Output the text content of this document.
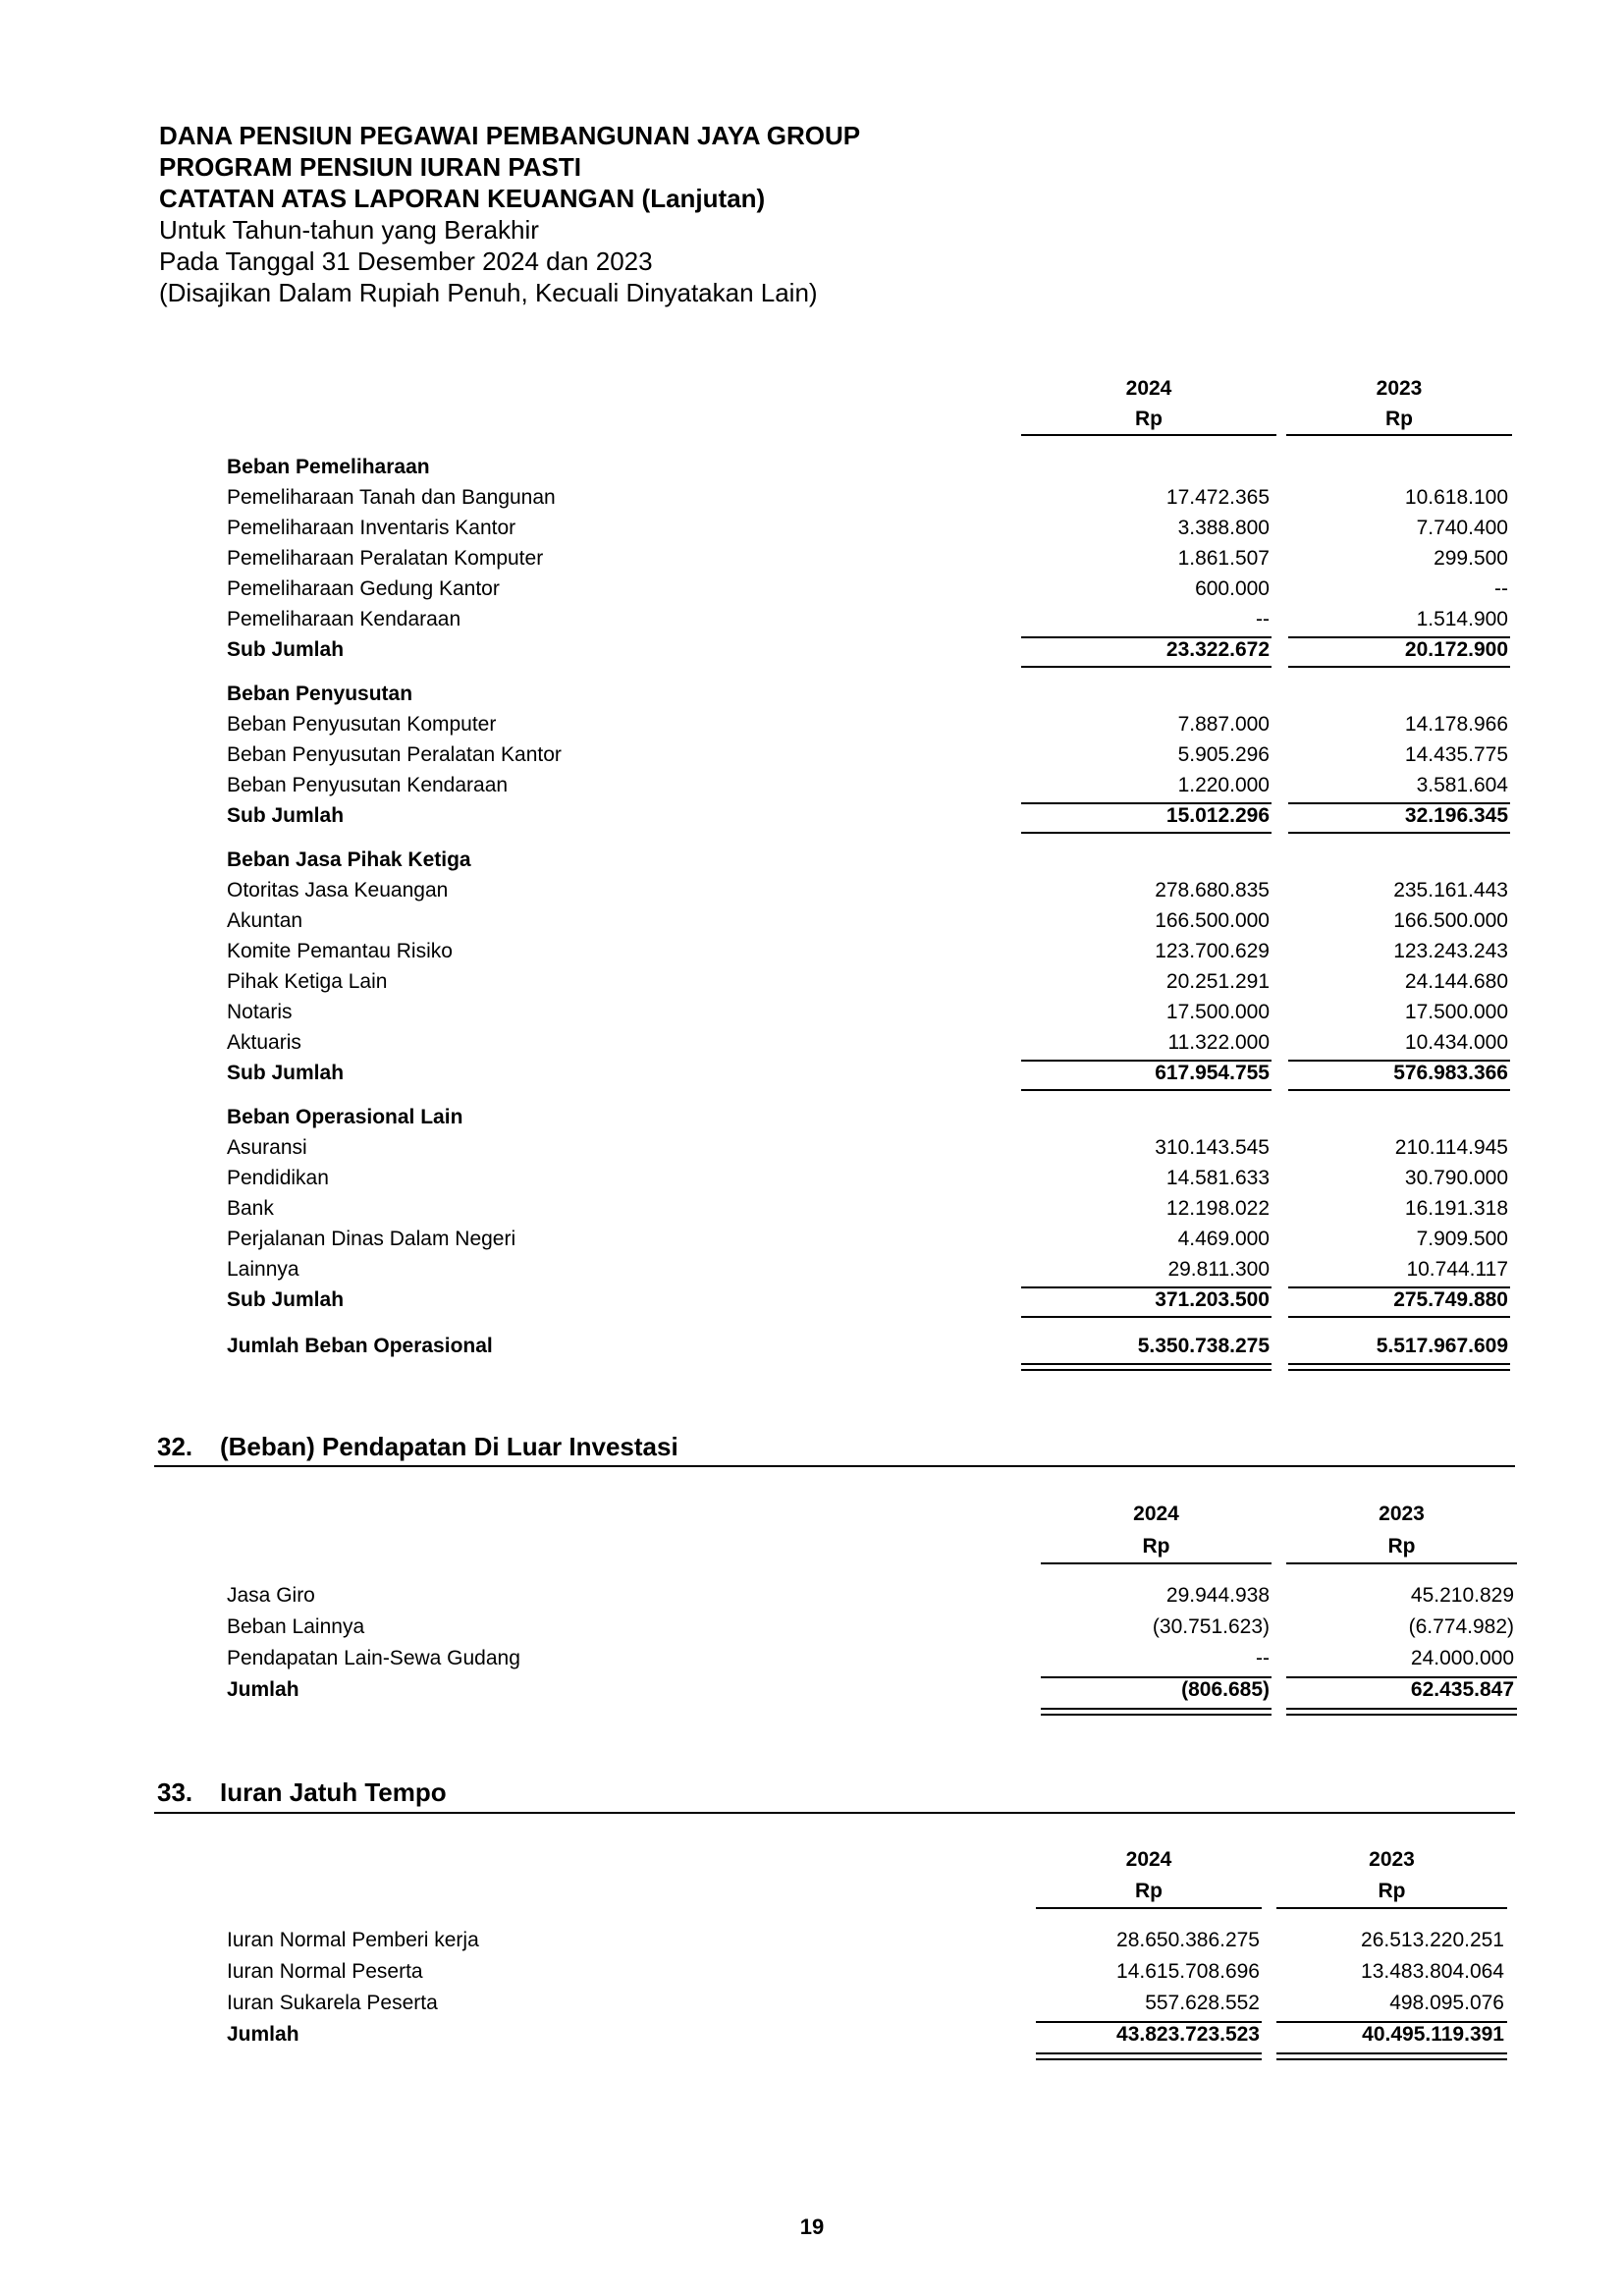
DANA PENSIUN PEGAWAI PEMBANGUNAN JAYA GROUP
PROGRAM PENSIUN IURAN PASTI
CATATAN ATAS LAPORAN KEUANGAN (Lanjutan)
Untuk Tahun-tahun yang Berakhir
Pada Tanggal 31 Desember 2024 dan 2023
(Disajikan Dalam Rupiah Penuh, Kecuali Dinyatakan Lain)
2024	2023
Rp	Rp
Beban Pemeliharaan
Pemeliharaan Tanah dan Bangunan	17.472.365	10.618.100
Pemeliharaan Inventaris Kantor	3.388.800	7.740.400
Pemeliharaan Peralatan Komputer	1.861.507	299.500
Pemeliharaan Gedung Kantor	600.000	--
Pemeliharaan Kendaraan	--	1.514.900
Sub Jumlah	23.322.672	20.172.900
Beban Penyusutan
Beban Penyusutan Komputer	7.887.000	14.178.966
Beban Penyusutan Peralatan Kantor	5.905.296	14.435.775
Beban Penyusutan Kendaraan	1.220.000	3.581.604
Sub Jumlah	15.012.296	32.196.345
Beban Jasa Pihak Ketiga
Otoritas Jasa Keuangan	278.680.835	235.161.443
Akuntan	166.500.000	166.500.000
Komite Pemantau Risiko	123.700.629	123.243.243
Pihak Ketiga Lain	20.251.291	24.144.680
Notaris	17.500.000	17.500.000
Aktuaris	11.322.000	10.434.000
Sub Jumlah	617.954.755	576.983.366
Beban Operasional Lain
Asuransi	310.143.545	210.114.945
Pendidikan	14.581.633	30.790.000
Bank	12.198.022	16.191.318
Perjalanan Dinas Dalam Negeri	4.469.000	7.909.500
Lainnya	29.811.300	10.744.117
Sub Jumlah	371.203.500	275.749.880
Jumlah Beban Operasional	5.350.738.275	5.517.967.609
32. (Beban) Pendapatan Di Luar Investasi
2024	2023
Rp	Rp
Jasa Giro	29.944.938	45.210.829
Beban Lainnya	(30.751.623)	(6.774.982)
Pendapatan Lain-Sewa Gudang	--	24.000.000
Jumlah	(806.685)	62.435.847
33. Iuran Jatuh Tempo
2024	2023
Rp	Rp
Iuran Normal Pemberi kerja	28.650.386.275	26.513.220.251
Iuran Normal Peserta	14.615.708.696	13.483.804.064
Iuran Sukarela Peserta	557.628.552	498.095.076
Jumlah	43.823.723.523	40.495.119.391
19
